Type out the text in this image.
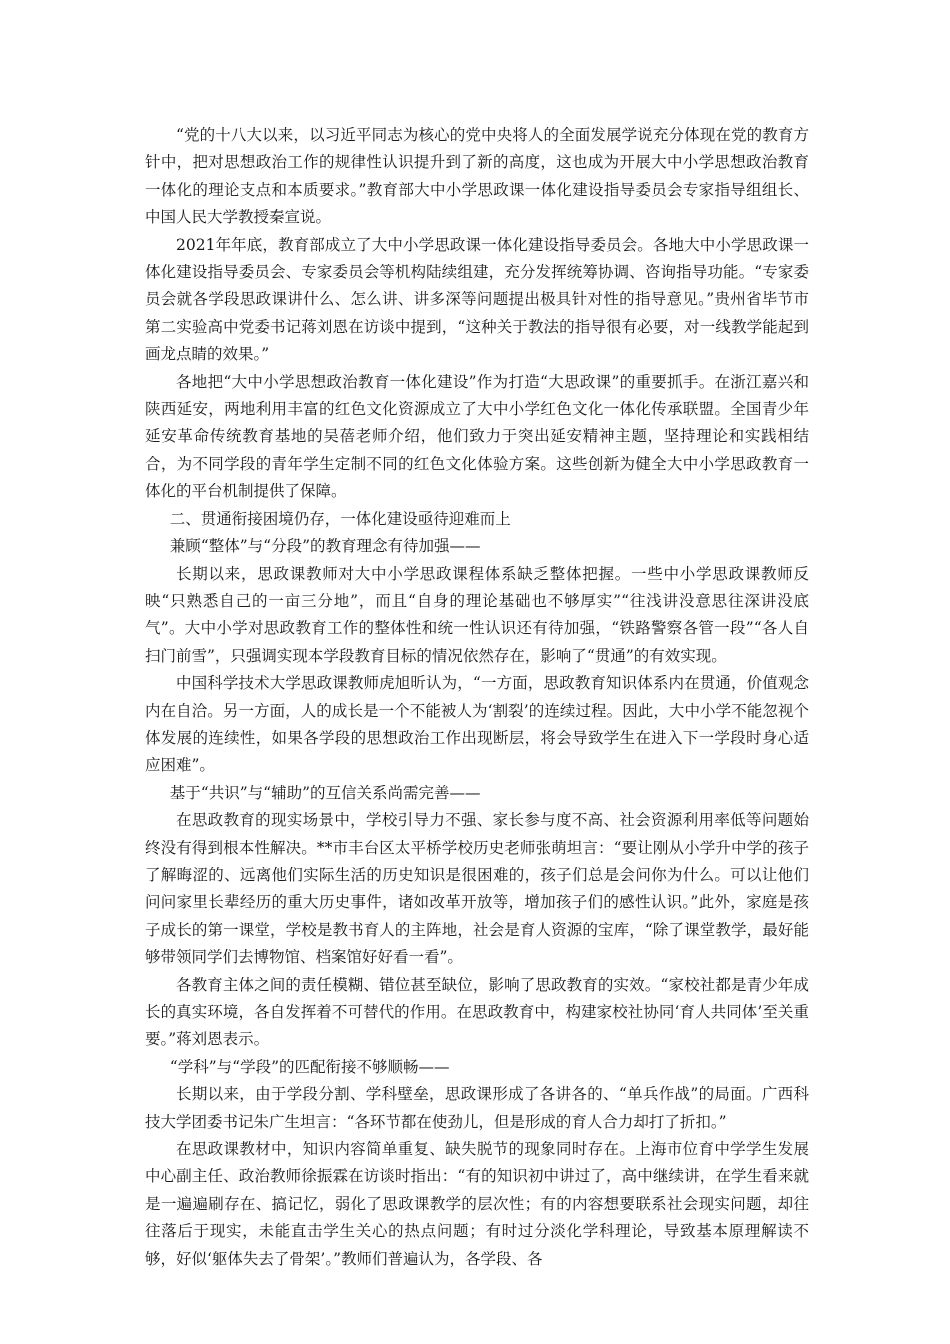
“党的十八大以来，以习近平同志为核心的党中央将人的全面发展学说充分体现在党的教育方针中，把对思想政治工作的规律性认识提升到了新的高度，这也成为开展大中小学思想政治教育一体化的理论支点和本质要求。”教育部大中小学思政课一体化建设指导委员会专家指导组组长、中国人民大学教授秦宣说。

2021年年底，教育部成立了大中小学思政课一体化建设指导委员会。各地大中小学思政课一体化建设指导委员会、专家委员会等机构陆续组建，充分发挥统筹协调、咨询指导功能。“专家委员会就各学段思政课讲什么、怎么讲、讲多深等问题提出极具针对性的指导意见。”贵州省毕节市第二实验高中党委书记蒋刘恩在访谈中提到，“这种关于教法的指导很有必要，对一线教学能起到画龙点睛的效果。”

各地把“大中小学思想政治教育一体化建设”作为打造“大思政课”的重要抓手。在浙江嘉兴和陕西延安，两地利用丰富的红色文化资源成立了大中小学红色文化一体化传承联盟。全国青少年延安革命传统教育基地的吴蓓老师介绍，他们致力于突出延安精神主题，坚持理论和实践相结合，为不同学段的青年学生定制不同的红色文化体验方案。这些创新为健全大中小学思政教育一体化的平台机制提供了保障。

二、贯通衔接困境仍存，一体化建设亟待迎难而上

兼顾“整体”与“分段”的教育理念有待加强——

长期以来，思政课教师对大中小学思政课程体系缺乏整体把握。一些中小学思政课教师反映“只熟悉自己的一亩三分地”，而且“自身的理论基础也不够厚实”“往浅讲没意思往深讲没底气”。大中小学对思政教育工作的整体性和统一性认识还有待加强，“铁路警察各管一段”“各人自扫门前雪”，只强调实现本学段教育目标的情况依然存在，影响了“贯通”的有效实现。

中国科学技术大学思政课教师虎旭昕认为，“一方面，思政教育知识体系内在贯通，价值观念内在自洽。另一方面，人的成长是一个不能被人为‘割裂’的连续过程。因此，大中小学不能忽视个体发展的连续性，如果各学段的思想政治工作出现断层，将会导致学生在进入下一学段时身心适应困难”。

基于“共识”与“辅助”的互信关系尚需完善——

在思政教育的现实场景中，学校引导力不强、家长参与度不高、社会资源利用率低等问题始终没有得到根本性解决。**市丰台区太平桥学校历史老师张萌坦言：“要让刚从小学升中学的孩子了解晦涩的、远离他们实际生活的历史知识是很困难的，孩子们总是会问你为什么。可以让他们问问家里长辈经历的重大历史事件，诸如改革开放等，增加孩子们的感性认识。”此外，家庭是孩子成长的第一课堂，学校是教书育人的主阵地，社会是育人资源的宝库，“除了课堂教学，最好能够带领同学们去博物馆、档案馆好好看一看”。

各教育主体之间的责任模糊、错位甚至缺位，影响了思政教育的实效。“家校社都是青少年成长的真实环境，各自发挥着不可替代的作用。在思政教育中，构建家校社协同‘育人共同体’至关重要。”蒋刘恩表示。

“学科”与“学段”的匹配衔接不够顺畅——

长期以来，由于学段分割、学科壁垒，思政课形成了各讲各的、“单兵作战”的局面。广西科技大学团委书记朱广生坦言：“各环节都在使劲儿，但是形成的育人合力却打了折扣。”

在思政课教材中，知识内容简单重复、缺失脱节的现象同时存在。上海市位育中学学生发展中心副主任、政治教师徐振霖在访谈时指出：“有的知识初中讲过了，高中继续讲，在学生看来就是一遍遍刷存在、搞记忆，弱化了思政课教学的层次性；有的内容想要联系社会现实问题，却往往落后于现实，未能直击学生关心的热点问题；有时过分淡化学科理论，导致基本原理解读不够，好似‘躯体失去了骨架’。”教师们普遍认为，各学段、各
